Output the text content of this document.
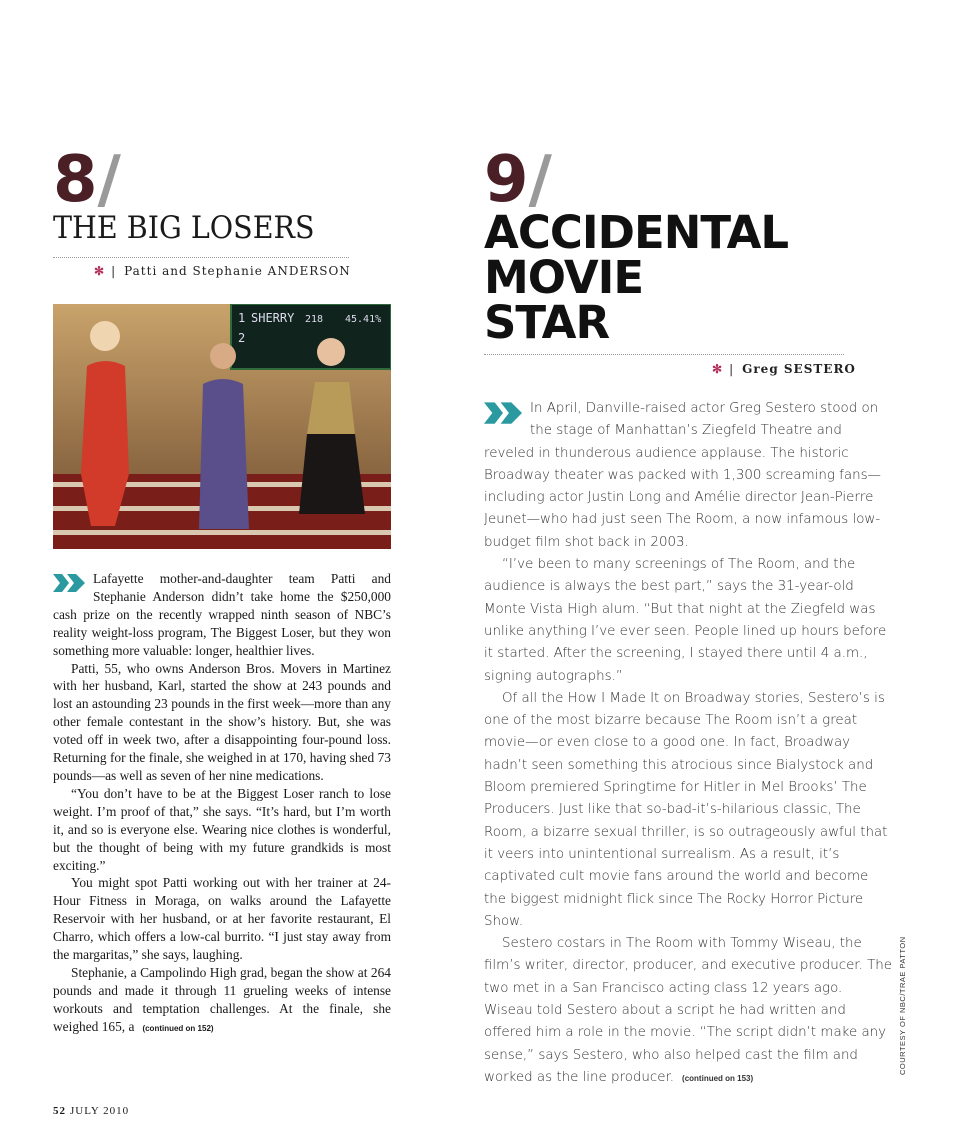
8/
THE BIG LOSERS
✻ | Patti and Stephanie ANDERSON
1 SHERRY 218 45.41%
2

Lafayette mother-and-daughter team Patti and Stephanie Anderson didn’t take home the $250,000 cash prize on the recently wrapped ninth season of NBC’s reality weight-loss program, The Biggest Loser, but they won something more valuable: longer, healthier lives.

Patti, 55, who owns Anderson Bros. Movers in Martinez with her husband, Karl, started the show at 243 pounds and lost an astounding 23 pounds in the first week—more than any other female contestant in the show’s history. But, she was voted off in week two, after a disappointing four-pound loss. Returning for the finale, she weighed in at 170, having shed 73 pounds—as well as seven of her nine medications.

“You don’t have to be at the Biggest Loser ranch to lose weight. I’m proof of that,” she says. “It’s hard, but I’m worth it, and so is everyone else. Wearing nice clothes is wonderful, but the thought of being with my future grandkids is most exciting.”

You might spot Patti working out with her trainer at 24-Hour Fitness in Moraga, on walks around the Lafayette Reservoir with her husband, or at her favorite restaurant, El Charro, which offers a low-cal burrito. “I just stay away from the margaritas,” she says, laughing.

Stephanie, a Campolindo High grad, began the show at 264 pounds and made it through 11 grueling weeks of intense workouts and temptation challenges. At the finale, she weighed 165, a (continued on 152)

9/
ACCIDENTAL
MOVIE
STAR
✻ | Greg SESTERO

In April, Danville-raised actor Greg Sestero stood on the stage of Manhattan’s Ziegfeld Theatre and reveled in thunderous audience applause. The historic Broadway theater was packed with 1,300 screaming fans—including actor Justin Long and Amélie director Jean-Pierre Jeunet—who had just seen The Room, a now infamous low-budget film shot back in 2003.

“I’ve been to many screenings of The Room, and the audience is always the best part,” says the 31-year-old Monte Vista High alum. “But that night at the Ziegfeld was unlike anything I’ve ever seen. People lined up hours before it started. After the screening, I stayed there until 4 a.m., signing autographs.”

Of all the How I Made It on Broadway stories, Sestero’s is one of the most bizarre because The Room isn’t a great movie—or even close to a good one. In fact, Broadway hadn’t seen something this atrocious since Bialystock and Bloom premiered Springtime for Hitler in Mel Brooks’ The Producers. Just like that so-bad-it’s-hilarious classic, The Room, a bizarre sexual thriller, is so outrageously awful that it veers into unintentional surrealism. As a result, it’s captivated cult movie fans around the world and become the biggest midnight flick since The Rocky Horror Picture Show.

Sestero costars in The Room with Tommy Wiseau, the film’s writer, director, producer, and executive producer. The two met in a San Francisco acting class 12 years ago. Wiseau told Sestero about a script he had written and offered him a role in the movie. “The script didn’t make any sense,” says Sestero, who also helped cast the film and worked as the line producer. (continued on 153)

COURTESY OF NBC/TRAE PATTON
52 JULY 2010
